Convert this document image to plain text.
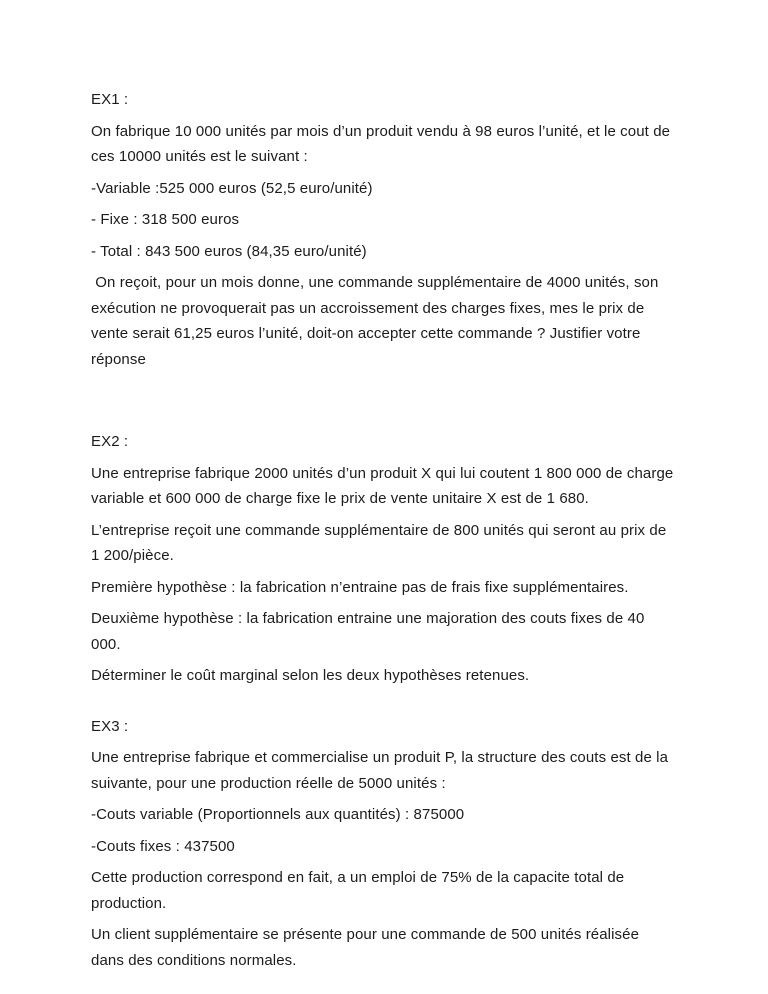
EX1 :

On fabrique 10 000 unités par mois d’un produit vendu à 98 euros l’unité, et le cout de ces 10000 unités est le suivant :

-Variable :525 000 euros (52,5 euro/unité)

- Fixe : 318 500 euros

- Total : 843 500 euros (84,35 euro/unité)

On reçoit, pour un mois donne, une commande supplémentaire de 4000 unités, son exécution ne provoquerait pas un accroissement des charges fixes, mes le prix de vente serait 61,25 euros l’unité, doit-on accepter cette commande ? Justifier votre réponse

EX2 :

Une entreprise fabrique 2000 unités d’un produit X qui lui coutent 1 800 000 de charge variable et 600 000 de charge fixe le prix de vente unitaire X est de 1 680.

L’entreprise reçoit une commande supplémentaire de 800 unités qui seront au prix de 1 200/pièce.

Première hypothèse : la fabrication n’entraine pas de frais fixe supplémentaires.

Deuxième hypothèse : la fabrication entraine une majoration des couts fixes de 40 000.

Déterminer le coût marginal selon les deux hypothèses retenues.

EX3 :

Une entreprise fabrique et commercialise un produit P, la structure des couts est de la suivante, pour une production réelle de 5000 unités :

-Couts variable (Proportionnels aux quantités) : 875000

-Couts fixes : 437500

Cette production correspond en fait, a un emploi de 75% de la capacite total de production.

Un client supplémentaire se présente pour une commande de 500 unités réalisée dans des conditions normales.
